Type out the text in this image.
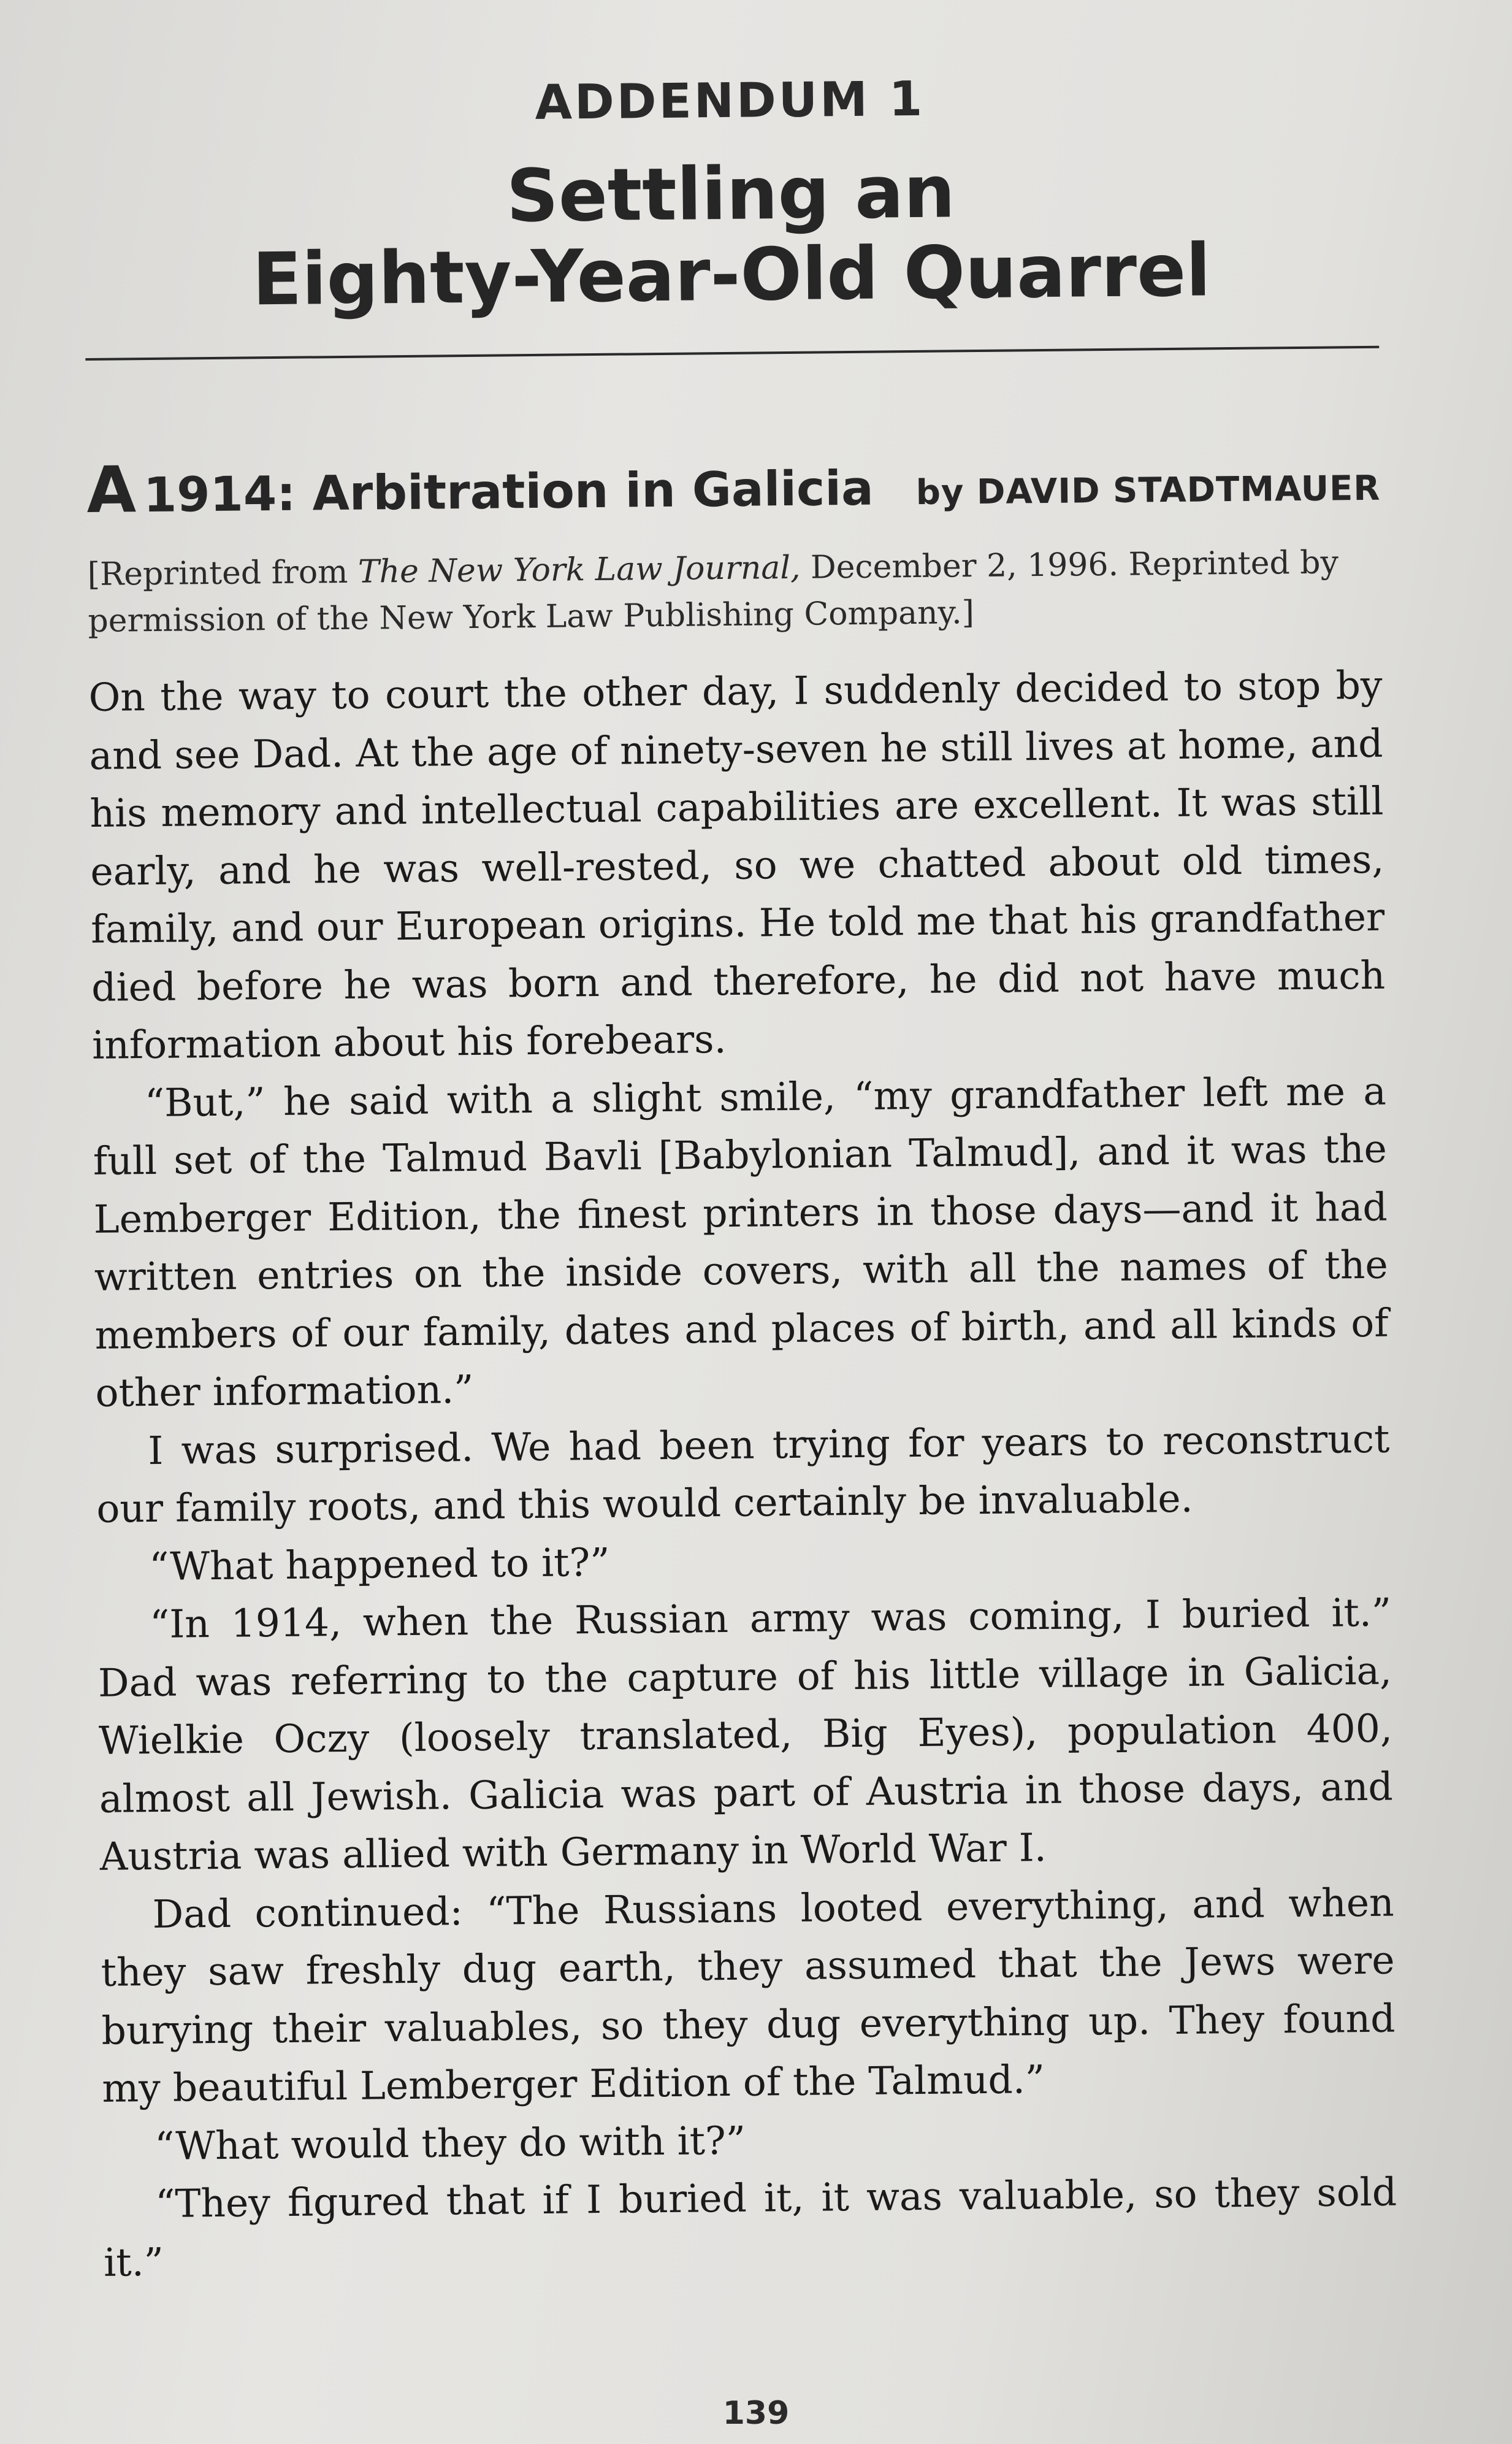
ADDENDUM 1
Settling an
Eighty-Year-Old Quarrel
A 1914: Arbitration in Galicia	by DAVID STADTMAUER
[Reprinted from The New York Law Journal, December 2, 1996. Reprinted by permission of the New York Law Publishing Company.]

On the way to court the other day, I suddenly decided to stop by and see Dad. At the age of ninety-seven he still lives at home, and his memory and intellectual capabilities are excellent. It was still early, and he was well-rested, so we chatted about old times, family, and our European origins. He told me that his grandfather died before he was born and therefore, he did not have much information about his forebears.

“But,” he said with a slight smile, “my grandfather left me a full set of the Talmud Bavli [Babylonian Talmud], and it was the Lemberger Edition, the finest printers in those days—and it had written entries on the inside covers, with all the names of the members of our family, dates and places of birth, and all kinds of other information.”

I was surprised. We had been trying for years to reconstruct our family roots, and this would certainly be invaluable.

“What happened to it?”

“In 1914, when the Russian army was coming, I buried it.” Dad was referring to the capture of his little village in Galicia, Wielkie Oczy (loosely translated, Big Eyes), population 400, almost all Jewish. Galicia was part of Austria in those days, and Austria was allied with Germany in World War I.

Dad continued: “The Russians looted everything, and when they saw freshly dug earth, they assumed that the Jews were burying their valuables, so they dug everything up. They found my beautiful Lemberger Edition of the Talmud.”

“What would they do with it?”

“They figured that if I buried it, it was valuable, so they sold it.”

139
